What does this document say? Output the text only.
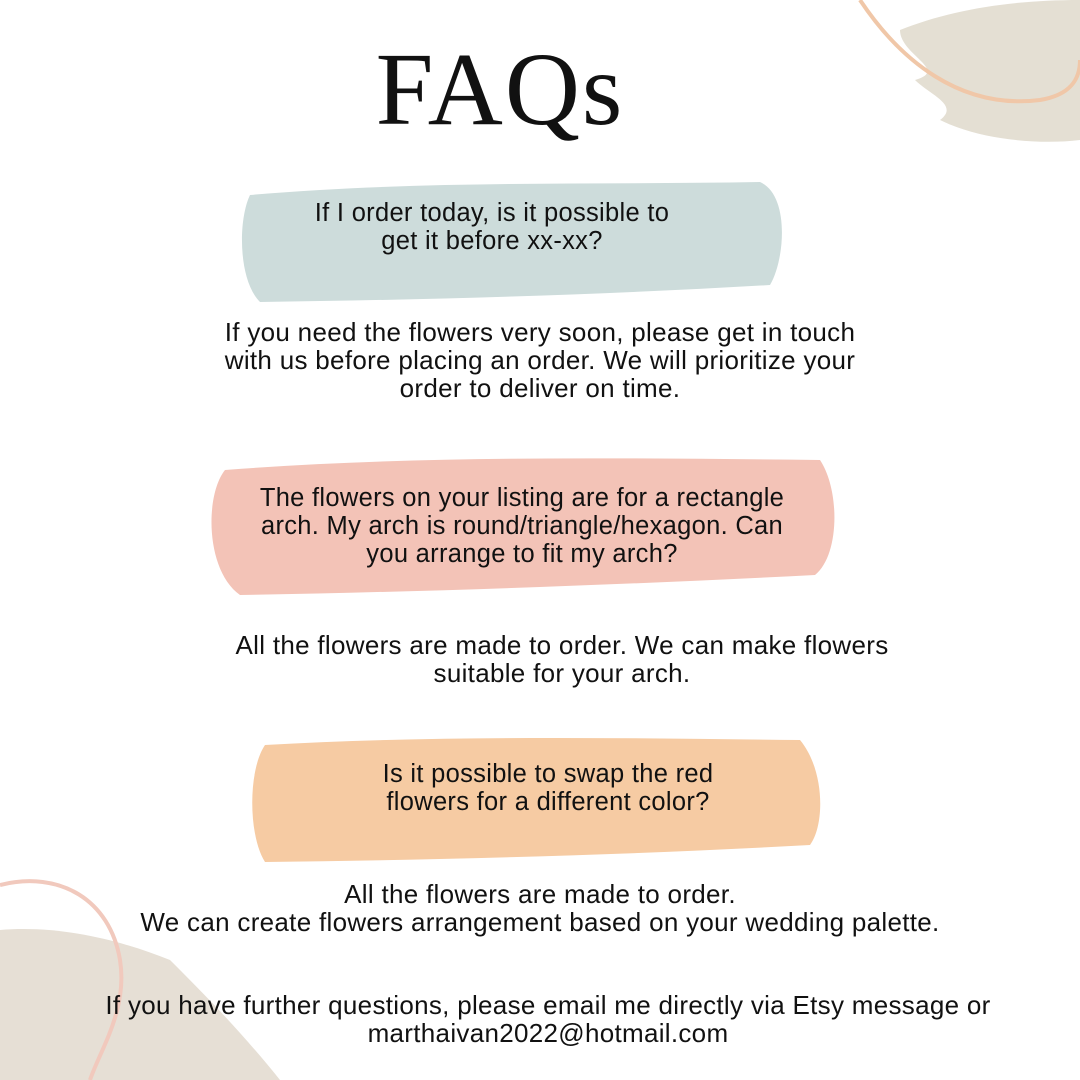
FAQs
If I order today, is it possible to
get it before xx-xx?
If you need the flowers very soon, please get in touch
with us before placing an order. We will prioritize your
order to deliver on time.
The flowers on your listing are for a rectangle
arch. My arch is round/triangle/hexagon. Can
you arrange to fit my arch?
All the flowers are made to order. We can make flowers
suitable for your arch.
Is it possible to swap the red
flowers for a different color?
All the flowers are made to order.
We can create flowers arrangement based on your wedding palette.
If you have further questions, please email me directly via Etsy message or
marthaivan2022@hotmail.com
